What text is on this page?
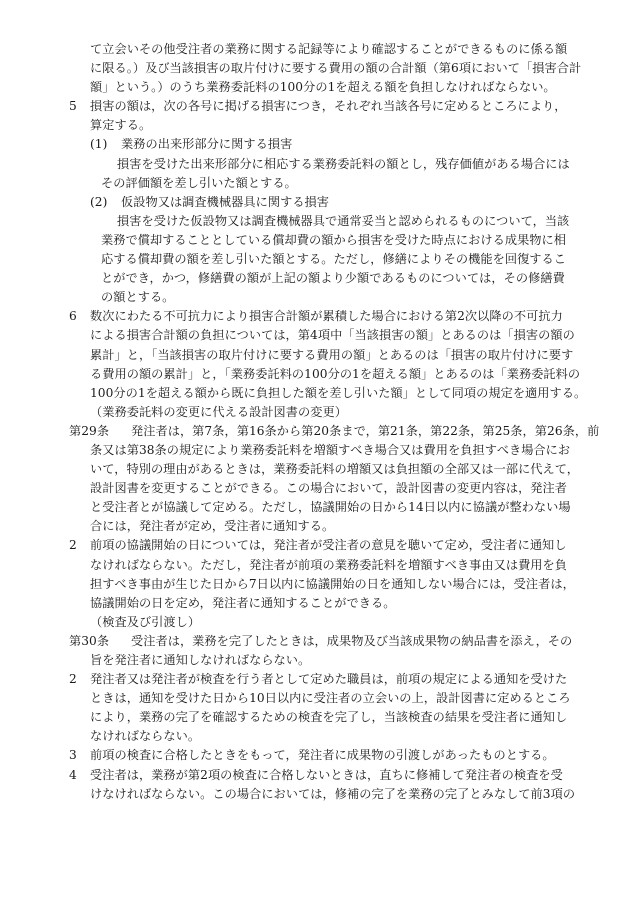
て立会いその他受注者の業務に関する記録等により確認することができるものに係る額
に限る。）及び当該損害の取片付けに要する費用の額の合計額（第6項において「損害合計
額」という。）のうち業務委託料の100分の1を超える額を負担しなければならない。
5 損害の額は，次の各号に掲げる損害につき，それぞれ当該各号に定めるところにより，
算定する。
(1) 業務の出来形部分に関する損害
損害を受けた出来形部分に相応する業務委託料の額とし，残存価値がある場合には
その評価額を差し引いた額とする。
(2) 仮設物又は調査機械器具に関する損害
損害を受けた仮設物又は調査機械器具で通常妥当と認められるものについて，当該
業務で償却することとしている償却費の額から損害を受けた時点における成果物に相
応する償却費の額を差し引いた額とする。ただし，修繕によりその機能を回復するこ
とができ，かつ，修繕費の額が上記の額より少額であるものについては，その修繕費
の額とする。
6 数次にわたる不可抗力により損害合計額が累積した場合における第2次以降の不可抗力
による損害合計額の負担については，第4項中「当該損害の額」とあるのは「損害の額の
累計」と，「当該損害の取片付けに要する費用の額」とあるのは「損害の取片付けに要す
る費用の額の累計」と，「業務委託料の100分の1を超える額」とあるのは「業務委託料の
100分の1を超える額から既に負担した額を差し引いた額」として同項の規定を適用する。
（業務委託料の変更に代える設計図書の変更）
第29条 発注者は，第7条，第16条から第20条まで，第21条，第22条，第25条，第26条，前
条又は第38条の規定により業務委託料を増額すべき場合又は費用を負担すべき場合にお
いて，特別の理由があるときは，業務委託料の増額又は負担額の全部又は一部に代えて，
設計図書を変更することができる。この場合において，設計図書の変更内容は，発注者
と受注者とが協議して定める。ただし，協議開始の日から14日以内に協議が整わない場
合には，発注者が定め，受注者に通知する。
2 前項の協議開始の日については，発注者が受注者の意見を聴いて定め，受注者に通知し
なければならない。ただし，発注者が前項の業務委託料を増額すべき事由又は費用を負
担すべき事由が生じた日から7日以内に協議開始の日を通知しない場合には，受注者は，
協議開始の日を定め，発注者に通知することができる。
（検査及び引渡し）
第30条 受注者は，業務を完了したときは，成果物及び当該成果物の納品書を添え，その
旨を発注者に通知しなければならない。
2 発注者又は発注者が検査を行う者として定めた職員は，前項の規定による通知を受けた
ときは，通知を受けた日から10日以内に受注者の立会いの上，設計図書に定めるところ
により，業務の完了を確認するための検査を完了し，当該検査の結果を受注者に通知し
なければならない。
3 前項の検査に合格したときをもって，発注者に成果物の引渡しがあったものとする。
4 受注者は，業務が第2項の検査に合格しないときは，直ちに修補して発注者の検査を受
けなければならない。この場合においては，修補の完了を業務の完了とみなして前3項の
